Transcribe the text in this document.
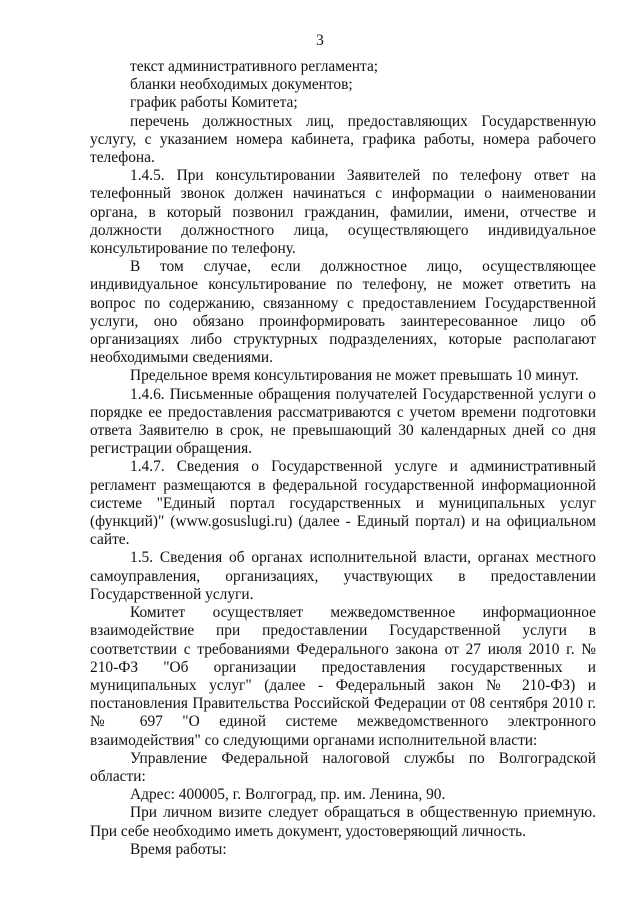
3

текст административного регламента;

бланки необходимых документов;

график работы Комитета;

перечень должностных лиц, предоставляющих Государственную услугу, с указанием номера кабинета, графика работы, номера рабочего телефона.

1.4.5. При консультировании Заявителей по телефону ответ на телефонный звонок должен начинаться с информации о наименовании органа, в который позвонил гражданин, фамилии, имени, отчестве и должности должностного лица, осуществляющего индивидуальное консультирование по телефону.

В том случае, если должностное лицо, осуществляющее индивидуальное консультирование по телефону, не может ответить на вопрос по содержанию, связанному с предоставлением Государственной услуги, оно обязано проинформировать заинтересованное лицо об организациях либо структурных подразделениях, которые располагают необходимыми сведениями.

Предельное время консультирования не может превышать 10 минут.

1.4.6. Письменные обращения получателей Государственной услуги о порядке ее предоставления рассматриваются с учетом времени подготовки ответа Заявителю в срок, не превышающий 30 календарных дней со дня регистрации обращения.

1.4.7. Сведения о Государственной услуге и административный регламент размещаются в федеральной государственной информационной системе "Единый портал государственных и муниципальных услуг (функций)" (www.gosuslugi.ru) (далее - Единый портал) и на официальном сайте.

1.5. Сведения об органах исполнительной власти, органах местного самоуправления, организациях, участвующих в предоставлении Государственной услуги.

Комитет осуществляет межведомственное информационное взаимодействие при предоставлении Государственной услуги в соответствии с требованиями Федерального закона от 27 июля 2010 г. № 210-ФЗ "Об организации предоставления государственных и муниципальных услуг" (далее - Федеральный закон № 210-ФЗ) и постановления Правительства Российской Федерации от 08 сентября 2010 г. № 697 "О единой системе межведомственного электронного взаимодействия" со следующими органами исполнительной власти:

Управление Федеральной налоговой службы по Волгоградской области:

Адрес: 400005, г. Волгоград, пр. им. Ленина, 90.

При личном визите следует обращаться в общественную приемную. При себе необходимо иметь документ, удостоверяющий личность.

Время работы:
